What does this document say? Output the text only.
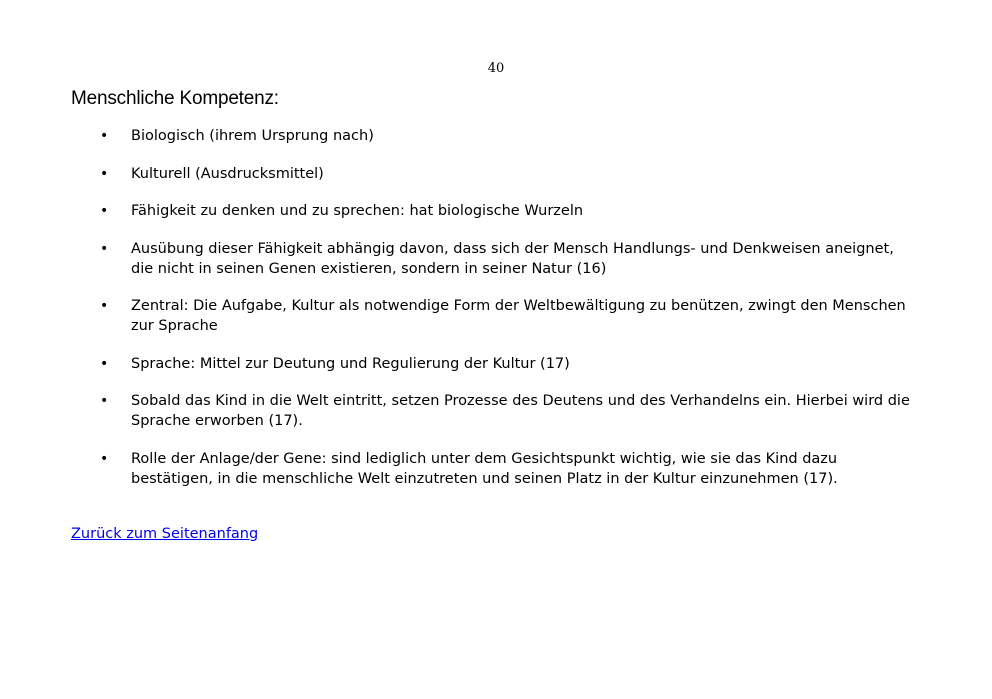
40
Menschliche Kompetenz:
• Biologisch (ihrem Ursprung nach)
• Kulturell (Ausdrucksmittel)
• Fähigkeit zu denken und zu sprechen: hat biologische Wurzeln
• Ausübung dieser Fähigkeit abhängig davon, dass sich der Mensch Handlungs- und Denkweisen aneignet, die nicht in seinen Genen existieren, sondern in seiner Natur (16)
• Zentral: Die Aufgabe, Kultur als notwendige Form der Weltbewältigung zu benützen, zwingt den Menschen zur Sprache
• Sprache: Mittel zur Deutung und Regulierung der Kultur (17)
• Sobald das Kind in die Welt eintritt, setzen Prozesse des Deutens und des Verhandelns ein. Hierbei wird die Sprache erworben (17).
• Rolle der Anlage/der Gene: sind lediglich unter dem Gesichtspunkt wichtig, wie sie das Kind dazu bestätigen, in die menschliche Welt einzutreten und seinen Platz in der Kultur einzunehmen (17).
Zurück zum Seitenanfang
